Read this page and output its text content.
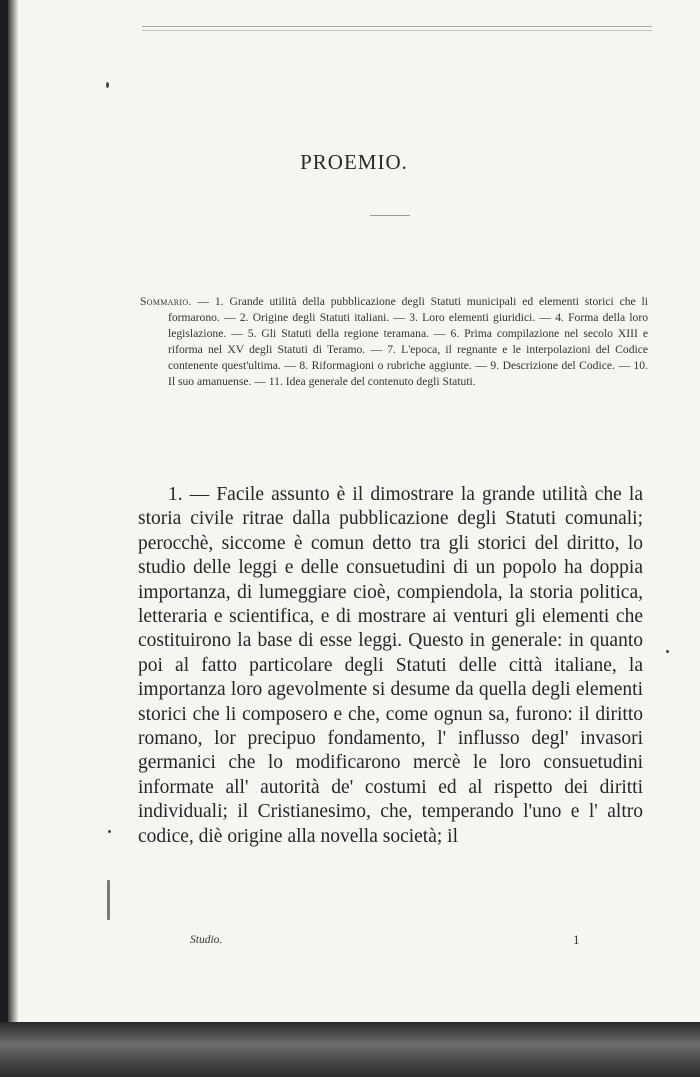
PROEMIO.

Sommario. — 1. Grande utilità della pubblicazione degli Statuti municipali ed elementi storici che li formarono. — 2. Origine degli Statuti italiani. — 3. Loro elementi giuridici. — 4. Forma della loro legislazione. — 5. Gli Statuti della regione teramana. — 6. Prima compilazione nel secolo XIII e riforma nel XV degli Statuti di Teramo. — 7. L'epoca, il regnante e le interpolazioni del Codice contenente quest'ultima. — 8. Riformagioni o rubriche aggiunte. — 9. Descrizione del Codice. — 10. Il suo amanuense. — 11. Idea generale del contenuto degli Statuti.

1. — Facile assunto è il dimostrare la grande utilità che la storia civile ritrae dalla pubblicazione degli Statuti comunali; perocchè, siccome è comun detto tra gli storici del diritto, lo studio delle leggi e delle consuetudini di un popolo ha doppia importanza, di lumeggiare cioè, compiendola, la storia politica, letteraria e scientifica, e di mostrare ai venturi gli elementi che costituirono la base di esse leggi. Questo in generale: in quanto poi al fatto particolare degli Statuti delle città italiane, la importanza loro agevolmente si desume da quella degli elementi storici che li composero e che, come ognun sa, furono: il diritto romano, lor precipuo fondamento, l' influsso degl' invasori germanici che lo modificarono mercè le loro consuetudini informate all' autorità de' costumi ed al rispetto dei diritti individuali; il Cristianesimo, che, temperando l'uno e l' altro codice, diè origine alla novella società; il

Studio.	1
